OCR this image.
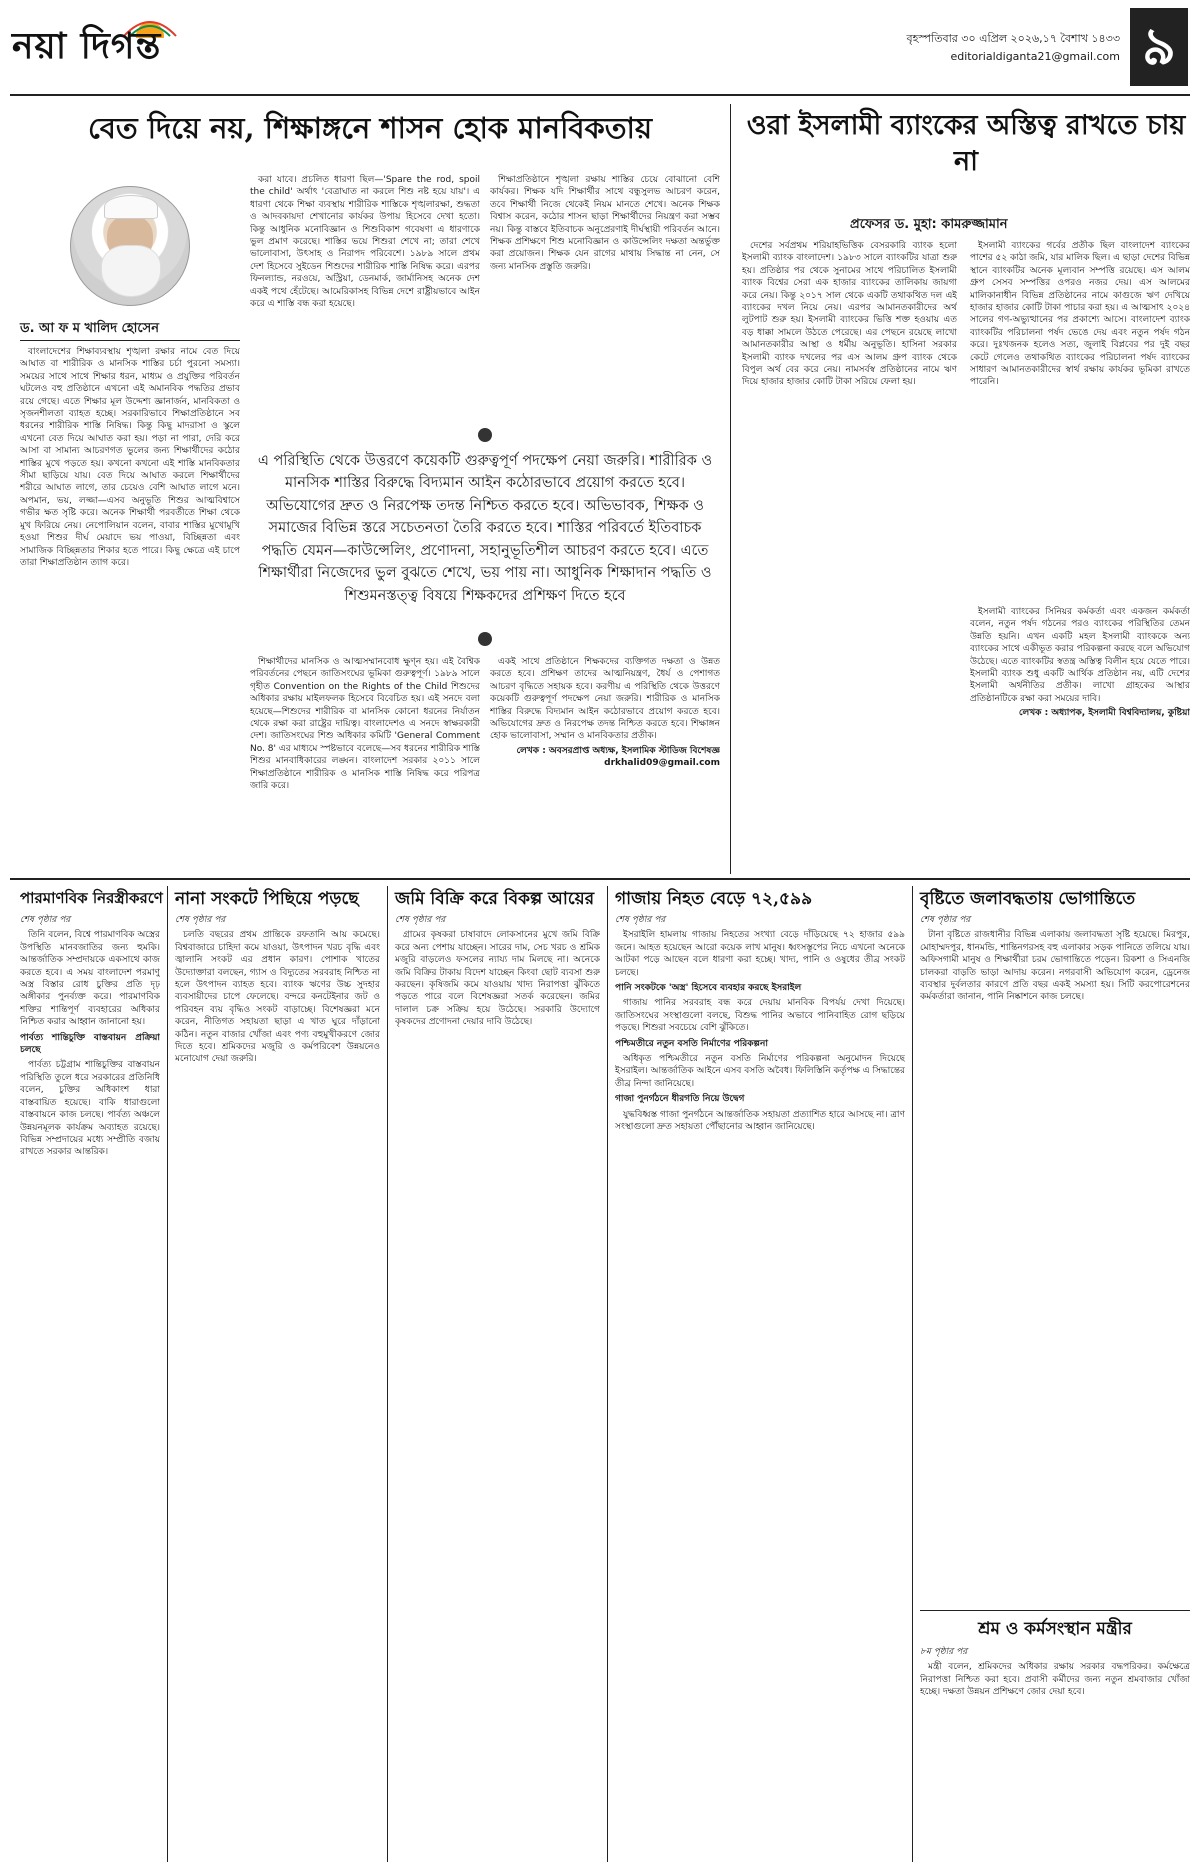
নয়া দিগন্ত	বৃহস্পতিবার ৩০ এপ্রিল ২০২৬,১৭ বৈশাখ ১৪৩৩
editorialdiganta21@gmail.com ৯
বেত দিয়ে নয়, শিক্ষাঙ্গনে শাসন হোক মানবিকতায়
ড. আ ফ ম খালিদ হোসেন

বাংলাদেশের শিক্ষাব্যবস্থায় শৃঙ্খলা রক্ষার নামে বেত দিয়ে আঘাত বা শারীরিক ও মানসিক শাস্তির চর্চা পুরনো সমস্যা। সময়ের সাথে সাথে শিক্ষার ধরন, মাধ্যম ও প্রযুক্তির পরিবর্তন ঘটলেও বহু প্রতিষ্ঠানে এখনো এই অমানবিক পদ্ধতির প্রভাব রয়ে গেছে। এতে শিক্ষার মূল উদ্দেশ্য জ্ঞানার্জন, মানবিকতা ও সৃজনশীলতা ব্যাহত হচ্ছে। সরকারিভাবে শিক্ষাপ্রতিষ্ঠানে সব ধরনের শারীরিক শাস্তি নিষিদ্ধ। কিন্তু কিছু মাদরাসা ও স্কুলে এখনো বেত দিয়ে আঘাত করা হয়। পড়া না পারা, দেরি করে আসা বা সামান্য আচরণগত ভুলের জন্য শিক্ষার্থীদের কঠোর শাস্তির মুখে পড়তে হয়। কখনো কখনো এই শাস্তি মানবিকতার সীমা ছাড়িয়ে যায়। বেত দিয়ে আঘাত করলে শিক্ষার্থীদের শরীরে আঘাত লাগে, তার চেয়েও বেশি আঘাত লাগে মনে। অপমান, ভয়, লজ্জা—এসব অনুভূতি শিশুর আত্মবিশ্বাসে গভীর ক্ষত সৃষ্টি করে। অনেক শিক্ষার্থী পরবর্তীতে শিক্ষা থেকে মুখ ফিরিয়ে নেয়। নেপোলিয়ান বলেন, বাবার শাস্তির মুখোমুখি হওয়া শিশুর দীর্ঘ মেয়াদে ভয় পাওয়া, বিচ্ছিন্নতা এবং সামাজিক বিচ্ছিন্নতার শিকার হতে পারে। কিছু ক্ষেত্রে এই চাপে তারা শিক্ষাপ্রতিষ্ঠান ত্যাগ করে।

করা যাবে। প্রচলিত ধারণা ছিল—'Spare the rod, spoil the child' অর্থাৎ 'বেত্রাঘাত না করলে শিশু নষ্ট হয়ে যায়'। এ ধারণা থেকে শিক্ষা ব্যবস্থায় শারীরিক শাস্তিকে শৃঙ্খলারক্ষা, শুদ্ধতা ও আদবকায়দা শেখানোর কার্যকর উপায় হিসেবে দেখা হতো। কিন্তু আধুনিক মনোবিজ্ঞান ও শিশুবিকাশ গবেষণা এ ধারণাকে ভুল প্রমাণ করেছে। শাস্তির ভয়ে শিশুরা শেখে না; তারা শেখে ভালোবাসা, উৎসাহ ও নিরাপদ পরিবেশে। ১৯৮৯ সালে প্রথম দেশ হিসেবে সুইডেন শিশুদের শারীরিক শাস্তি নিষিদ্ধ করে। এরপর ফিনল্যান্ড, নরওয়ে, অস্ট্রিয়া, ডেনমার্ক, জার্মানিসহ অনেক দেশ একই পথে হেঁটেছে। আমেরিকাসহ বিভিন্ন দেশে রাষ্ট্রীয়ভাবে আইন করে এ শাস্তি বন্ধ করা হয়েছে।

শিক্ষাপ্রতিষ্ঠানে শৃঙ্খলা রক্ষায় শাস্তির চেয়ে বোঝানো বেশি কার্যকর। শিক্ষক যদি শিক্ষার্থীর সাথে বন্ধুসুলভ আচরণ করেন, তবে শিক্ষার্থী নিজে থেকেই নিয়ম মানতে শেখে। অনেক শিক্ষক বিশ্বাস করেন, কঠোর শাসন ছাড়া শিক্ষার্থীদের নিয়ন্ত্রণ করা সম্ভব নয়। কিন্তু বাস্তবে ইতিবাচক অনুপ্রেরণাই দীর্ঘস্থায়ী পরিবর্তন আনে। শিক্ষক প্রশিক্ষণে শিশু মনোবিজ্ঞান ও কাউন্সেলিং দক্ষতা অন্তর্ভুক্ত করা প্রয়োজন। শিক্ষক যেন রাগের মাথায় সিদ্ধান্ত না নেন, সে জন্য মানসিক প্রস্তুতি জরুরি।

এ পরিস্থিতি থেকে উত্তরণে কয়েকটি গুরুত্বপূর্ণ পদক্ষেপ নেয়া জরুরি। শারীরিক ও মানসিক শাস্তির বিরুদ্ধে বিদ্যমান আইন কঠোরভাবে প্রয়োগ করতে হবে। অভিযোগের দ্রুত ও নিরপেক্ষ তদন্ত নিশ্চিত করতে হবে। অভিভাবক, শিক্ষক ও সমাজের বিভিন্ন স্তরে সচেতনতা তৈরি করতে হবে। শাস্তির পরিবর্তে ইতিবাচক পদ্ধতি যেমন—কাউন্সেলিং, প্রণোদনা, সহানুভূতিশীল আচরণ করতে হবে। এতে শিক্ষার্থীরা নিজেদের ভুল বুঝতে শেখে, ভয় পায় না। আধুনিক শিক্ষাদান পদ্ধতি ও শিশুমনস্তত্ত্ব বিষয়ে শিক্ষকদের প্রশিক্ষণ দিতে হবে

শিক্ষার্থীদের মানসিক ও আত্মসম্মানবোধ ক্ষুণ্ন হয়। এই বৈশ্বিক পরিবর্তনের পেছনে জাতিসংঘের ভূমিকা গুরুত্বপূর্ণ। ১৯৮৯ সালে গৃহীত Convention on the Rights of the Child শিশুদের অধিকার রক্ষায় মাইলফলক হিসেবে বিবেচিত হয়। এই সনদে বলা হয়েছে—শিশুদের শারীরিক বা মানসিক কোনো ধরনের নির্যাতন থেকে রক্ষা করা রাষ্ট্রের দায়িত্ব। বাংলাদেশও এ সনদে স্বাক্ষরকারী দেশ। জাতিসংঘের শিশু অধিকার কমিটি 'General Comment No. 8' এর মাধ্যমে স্পষ্টভাবে বলেছে—সব ধরনের শারীরিক শাস্তি শিশুর মানবাধিকারের লঙ্ঘন। বাংলাদেশ সরকার ২০১১ সালে শিক্ষাপ্রতিষ্ঠানে শারীরিক ও মানসিক শাস্তি নিষিদ্ধ করে পরিপত্র জারি করে।

একই সাথে প্রতিষ্ঠানে শিক্ষকদের ব্যক্তিগত দক্ষতা ও উন্নত করতে হবে। প্রশিক্ষণ তাদের আত্মনিয়ন্ত্রণ, ধৈর্য ও পেশাগত আচরণ বৃদ্ধিতে সহায়ক হবে। করণীয় এ পরিস্থিতি থেকে উত্তরণে কয়েকটি গুরুত্বপূর্ণ পদক্ষেপ নেয়া জরুরি। শারীরিক ও মানসিক শাস্তির বিরুদ্ধে বিদ্যমান আইন কঠোরভাবে প্রয়োগ করতে হবে। অভিযোগের দ্রুত ও নিরপেক্ষ তদন্ত নিশ্চিত করতে হবে। শিক্ষাঙ্গন হোক ভালোবাসা, সম্মান ও মানবিকতার প্রতীক।

লেখক : অবসরপ্রাপ্ত অধ্যক্ষ, ইসলামিক স্টাডিজ বিশেষজ্ঞ
drkhalid09@gmail.com
ওরা ইসলামী ব্যাংকের অস্তিত্ব রাখতে চায় না
প্রফেসর ড. মুহা: কামরুজ্জামান

দেশের সর্বপ্রথম শরিয়াহভিত্তিক বেসরকারি ব্যাংক হলো ইসলামী ব্যাংক বাংলাদেশ। ১৯৮৩ সালে ব্যাংকটির যাত্রা শুরু হয়। প্রতিষ্ঠার পর থেকে সুনামের সাথে পরিচালিত ইসলামী ব্যাংক বিশ্বের সেরা এক হাজার ব্যাংকের তালিকায় জায়গা করে নেয়। কিন্তু ২০১৭ সাল থেকে একটি তথাকথিত দল এই ব্যাংকের দখল নিয়ে নেয়। এরপর আমানতকারীদের অর্থ লুটপাট শুরু হয়। ইসলামী ব্যাংকের ভিত্তি শক্ত হওয়ায় এত বড় ধাক্কা সামলে উঠতে পেরেছে। এর পেছনে রয়েছে লাখো আমানতকারীর আস্থা ও ধর্মীয় অনুভূতি। হাসিনা সরকার ইসলামী ব্যাংক দখলের পর এস আলম গ্রুপ ব্যাংক থেকে বিপুল অর্থ বের করে নেয়। নামসর্বস্ব প্রতিষ্ঠানের নামে ঋণ দিয়ে হাজার হাজার কোটি টাকা সরিয়ে ফেলা হয়।

ইসলামী ব্যাংকের গর্বের প্রতীক ছিল বাংলাদেশ ব্যাংকের পাশের ৫২ কাঠা জমি, যার মালিক ছিল। এ ছাড়া দেশের বিভিন্ন স্থানে ব্যাংকটির অনেক মূল্যবান সম্পত্তি রয়েছে। এস আলম গ্রুপ সেসব সম্পত্তির ওপরও নজর দেয়। এস আলমের মালিকানাধীন বিভিন্ন প্রতিষ্ঠানের নামে কাগুজে ঋণ দেখিয়ে হাজার হাজার কোটি টাকা পাচার করা হয়। এ আত্মসাৎ ২০২৪ সালের গণ-অভ্যুত্থানের পর প্রকাশ্যে আসে। বাংলাদেশ ব্যাংক ব্যাংকটির পরিচালনা পর্ষদ ভেঙে দেয় এবং নতুন পর্ষদ গঠন করে। দুঃখজনক হলেও সত্য, জুলাই বিপ্লবের পর দুই বছর কেটে গেলেও তথাকথিত ব্যাংকের পরিচালনা পর্ষদ ব্যাংকের সাধারণ আমানতকারীদের স্বার্থ রক্ষায় কার্যকর ভূমিকা রাখতে পারেনি।

ইসলামী ব্যাংকের সিনিয়র কর্মকর্তা এবং একজন কর্মকর্তা বলেন, নতুন পর্ষদ গঠনের পরও ব্যাংকের পরিস্থিতির তেমন উন্নতি হয়নি। এখন একটি মহল ইসলামী ব্যাংককে অন্য ব্যাংকের সাথে একীভূত করার পরিকল্পনা করছে বলে অভিযোগ উঠেছে। এতে ব্যাংকটির স্বতন্ত্র অস্তিত্ব বিলীন হয়ে যেতে পারে। ইসলামী ব্যাংক শুধু একটি আর্থিক প্রতিষ্ঠান নয়, এটি দেশের ইসলামী অর্থনীতির প্রতীক। লাখো গ্রাহকের আস্থার প্রতিষ্ঠানটিকে রক্ষা করা সময়ের দাবি।

লেখক : অধ্যাপক, ইসলামী বিশ্ববিদ্যালয়, কুষ্টিয়া
পারমাণবিক নিরস্ত্রীকরণে
শেষ পৃষ্ঠার পর

তিনি বলেন, বিশ্বে পারমাণবিক অস্ত্রের উপস্থিতি মানবজাতির জন্য হুমকি। আন্তর্জাতিক সম্প্রদায়কে একসাথে কাজ করতে হবে। এ সময় বাংলাদেশ পরমাণু অস্ত্র বিস্তার রোধ চুক্তির প্রতি দৃঢ় অঙ্গীকার পুনর্ব্যক্ত করে। পারমাণবিক শক্তির শান্তিপূর্ণ ব্যবহারের অধিকার নিশ্চিত করার আহ্বান জানানো হয়।

পার্বত্য শান্তিচুক্তি বাস্তবায়ন প্রক্রিয়া চলছে

পার্বত্য চট্টগ্রাম শান্তিচুক্তির বাস্তবায়ন পরিস্থিতি তুলে ধরে সরকারের প্রতিনিধি বলেন, চুক্তির অধিকাংশ ধারা বাস্তবায়িত হয়েছে। বাকি ধারাগুলো বাস্তবায়নে কাজ চলছে। পার্বত্য অঞ্চলে উন্নয়নমূলক কার্যক্রম অব্যাহত রয়েছে। বিভিন্ন সম্প্রদায়ের মধ্যে সম্প্রীতি বজায় রাখতে সরকার আন্তরিক।

নানা সংকটে পিছিয়ে পড়ছে
শেষ পৃষ্ঠার পর

চলতি বছরের প্রথম প্রান্তিকে রফতানি আয় কমেছে। বিশ্ববাজারে চাহিদা কমে যাওয়া, উৎপাদন খরচ বৃদ্ধি এবং জ্বালানি সংকট এর প্রধান কারণ। পোশাক খাতের উদ্যোক্তারা বলছেন, গ্যাস ও বিদ্যুতের সরবরাহ নিশ্চিত না হলে উৎপাদন ব্যাহত হবে। ব্যাংক ঋণের উচ্চ সুদহার ব্যবসায়ীদের চাপে ফেলেছে। বন্দরে কনটেইনার জট ও পরিবহন ব্যয় বৃদ্ধিও সংকট বাড়াচ্ছে। বিশেষজ্ঞরা মনে করেন, নীতিগত সহায়তা ছাড়া এ খাত ঘুরে দাঁড়ানো কঠিন। নতুন বাজার খোঁজা এবং পণ্য বহুমুখীকরণে জোর দিতে হবে। শ্রমিকদের মজুরি ও কর্মপরিবেশ উন্নয়নেও মনোযোগ দেয়া জরুরি।

জমি বিক্রি করে বিকল্প আয়ের
শেষ পৃষ্ঠার পর

গ্রামের কৃষকরা চাষাবাদে লোকসানের মুখে জমি বিক্রি করে অন্য পেশায় যাচ্ছেন। সারের দাম, সেচ খরচ ও শ্রমিক মজুরি বাড়লেও ফসলের ন্যায্য দাম মিলছে না। অনেকে জমি বিক্রির টাকায় বিদেশ যাচ্ছেন কিংবা ছোট ব্যবসা শুরু করছেন। কৃষিজমি কমে যাওয়ায় খাদ্য নিরাপত্তা ঝুঁকিতে পড়তে পারে বলে বিশেষজ্ঞরা সতর্ক করেছেন। জমির দালাল চক্র সক্রিয় হয়ে উঠেছে। সরকারি উদ্যোগে কৃষকদের প্রণোদনা দেয়ার দাবি উঠেছে।

গাজায় নিহত বেড়ে ৭২,৫৯৯
শেষ পৃষ্ঠার পর

ইসরাইলি হামলায় গাজায় নিহতের সংখ্যা বেড়ে দাঁড়িয়েছে ৭২ হাজার ৫৯৯ জনে। আহত হয়েছেন আরো কয়েক লাখ মানুষ। ধ্বংসস্তূপের নিচে এখনো অনেকে আটকা পড়ে আছেন বলে ধারণা করা হচ্ছে। খাদ্য, পানি ও ওষুধের তীব্র সংকট চলছে।

পানি সংকটকে 'অস্ত্র' হিসেবে ব্যবহার করছে ইসরাইল

গাজায় পানির সরবরাহ বন্ধ করে দেয়ায় মানবিক বিপর্যয় দেখা দিয়েছে। জাতিসংঘের সংস্থাগুলো বলছে, বিশুদ্ধ পানির অভাবে পানিবাহিত রোগ ছড়িয়ে পড়ছে। শিশুরা সবচেয়ে বেশি ঝুঁকিতে।

পশ্চিমতীরে নতুন বসতি নির্মাণের পরিকল্পনা

অধিকৃত পশ্চিমতীরে নতুন বসতি নির্মাণের পরিকল্পনা অনুমোদন দিয়েছে ইসরাইল। আন্তর্জাতিক আইনে এসব বসতি অবৈধ। ফিলিস্তিনি কর্তৃপক্ষ এ সিদ্ধান্তের তীব্র নিন্দা জানিয়েছে।

গাজা পুনর্গঠনে ধীরগতি নিয়ে উদ্বেগ

যুদ্ধবিধ্বস্ত গাজা পুনর্গঠনে আন্তর্জাতিক সহায়তা প্রত্যাশিত হারে আসছে না। ত্রাণ সংস্থাগুলো দ্রুত সহায়তা পৌঁছানোর আহ্বান জানিয়েছে।

বৃষ্টিতে জলাবদ্ধতায় ভোগান্তিতে
শেষ পৃষ্ঠার পর

টানা বৃষ্টিতে রাজধানীর বিভিন্ন এলাকায় জলাবদ্ধতা সৃষ্টি হয়েছে। মিরপুর, মোহাম্মদপুর, ধানমন্ডি, শান্তিনগরসহ বহু এলাকার সড়ক পানিতে তলিয়ে যায়। অফিসগামী মানুষ ও শিক্ষার্থীরা চরম ভোগান্তিতে পড়েন। রিকশা ও সিএনজি চালকরা বাড়তি ভাড়া আদায় করেন। নগরবাসী অভিযোগ করেন, ড্রেনেজ ব্যবস্থার দুর্বলতার কারণে প্রতি বছর একই সমস্যা হয়। সিটি করপোরেশনের কর্মকর্তারা জানান, পানি নিষ্কাশনে কাজ চলছে।

শ্রম ও কর্মসংস্থান মন্ত্রীর
৮ম পৃষ্ঠার পর

মন্ত্রী বলেন, শ্রমিকদের অধিকার রক্ষায় সরকার বদ্ধপরিকর। কর্মক্ষেত্রে নিরাপত্তা নিশ্চিত করা হবে। প্রবাসী কর্মীদের জন্য নতুন শ্রমবাজার খোঁজা হচ্ছে। দক্ষতা উন্নয়ন প্রশিক্ষণে জোর দেয়া হবে।
